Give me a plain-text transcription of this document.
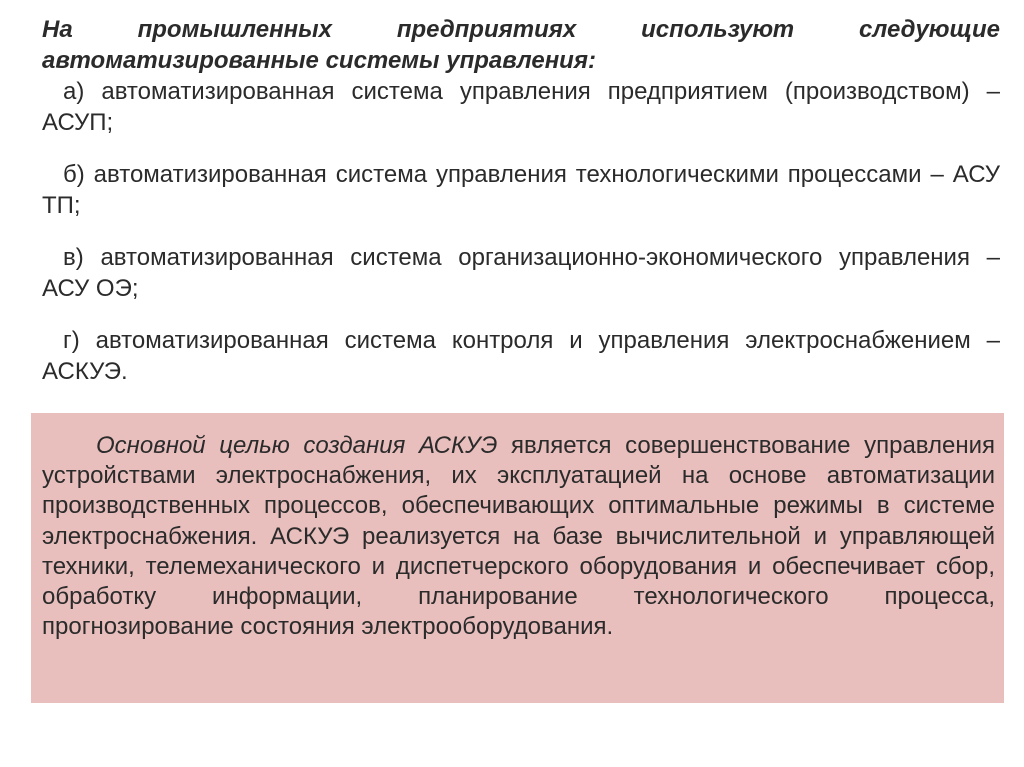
На промышленных предприятиях используют следующие
автоматизированные системы управления:

а) автоматизированная система управления предприятием (производством) – АСУП;

б) автоматизированная система управления технологическими процессами – АСУ ТП;

в) автоматизированная система организационно-экономического управления – АСУ ОЭ;

г) автоматизированная система контроля и управления электроснабжением – АСКУЭ.

Основной целью создания АСКУЭ является совершенствование управления устройствами электроснабжения, их эксплуатацией на основе автоматизации производственных процессов, обеспечивающих оптимальные режимы в системе электроснабжения. АСКУЭ реализуется на базе вычислительной и управляющей техники, телемеханического и диспетчерского оборудования и обеспечивает сбор, обработку информации, планирование технологического процесса, прогнозирование состояния электрооборудования.
